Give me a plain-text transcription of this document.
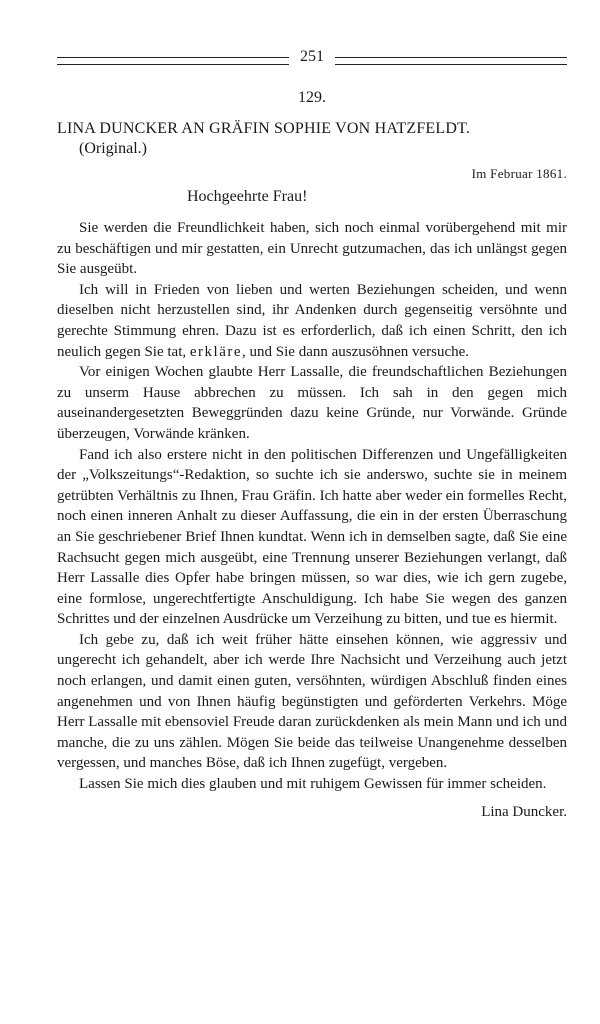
251
129.
LINA DUNCKER AN GRÄFIN SOPHIE VON HATZFELDT.
(Original.)
Im Februar 1861.
Hochgeehrte Frau!

Sie werden die Freundlichkeit haben, sich noch einmal vorübergehend mit mir zu beschäftigen und mir gestatten, ein Unrecht gutzumachen, das ich unlängst gegen Sie ausgeübt.

Ich will in Frieden von lieben und werten Beziehungen scheiden, und wenn dieselben nicht herzustellen sind, ihr Andenken durch gegenseitig versöhnte und gerechte Stimmung ehren. Dazu ist es erforderlich, daß ich einen Schritt, den ich neulich gegen Sie tat, erkläre, und Sie dann auszusöhnen versuche.

Vor einigen Wochen glaubte Herr Lassalle, die freundschaftlichen Beziehungen zu unserm Hause abbrechen zu müssen. Ich sah in den gegen mich auseinandergesetzten Beweggründen dazu keine Gründe, nur Vorwände. Gründe überzeugen, Vorwände kränken.

Fand ich also erstere nicht in den politischen Differenzen und Ungefälligkeiten der „Volkszeitungs“-Redaktion, so suchte ich sie anderswo, suchte sie in meinem getrübten Verhältnis zu Ihnen, Frau Gräfin. Ich hatte aber weder ein formelles Recht, noch einen inneren Anhalt zu dieser Auffassung, die ein in der ersten Überraschung an Sie geschriebener Brief Ihnen kundtat. Wenn ich in demselben sagte, daß Sie eine Rachsucht gegen mich ausgeübt, eine Trennung unserer Beziehungen verlangt, daß Herr Lassalle dies Opfer habe bringen müssen, so war dies, wie ich gern zugebe, eine formlose, ungerechtfertigte Anschuldigung. Ich habe Sie wegen des ganzen Schrittes und der einzelnen Ausdrücke um Verzeihung zu bitten, und tue es hiermit.

Ich gebe zu, daß ich weit früher hätte einsehen können, wie aggressiv und ungerecht ich gehandelt, aber ich werde Ihre Nachsicht und Verzeihung auch jetzt noch erlangen, und damit einen guten, versöhnten, würdigen Abschluß finden eines angenehmen und von Ihnen häufig begünstigten und geförderten Verkehrs. Möge Herr Lassalle mit ebensoviel Freude daran zurückdenken als mein Mann und ich und manche, die zu uns zählen. Mögen Sie beide das teilweise Unangenehme desselben vergessen, und manches Böse, daß ich Ihnen zugefügt, vergeben.

Lassen Sie mich dies glauben und mit ruhigem Gewissen für immer scheiden.

Lina Duncker.
